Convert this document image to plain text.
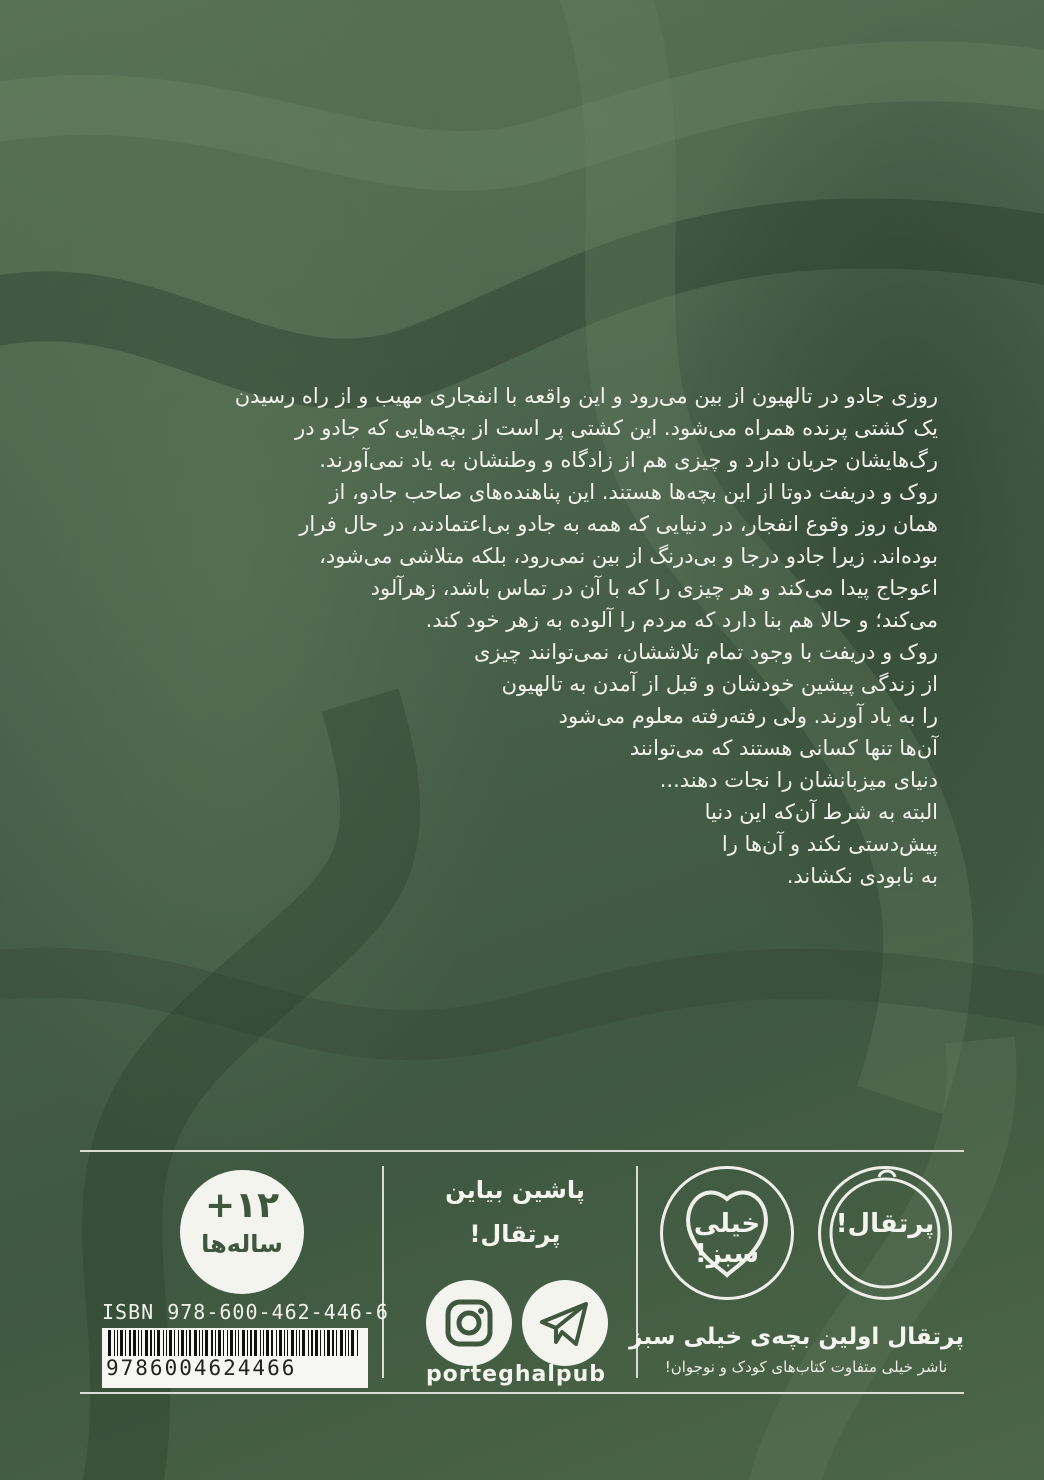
روزی جادو در تالهیون از بین می‌رود و این واقعه با انفجاری مهیب و از راه رسیدن
یک کشتی پرنده همراه می‌شود. این کشتی پر است از بچه‌هایی که جادو در
رگ‌هایشان جریان دارد و چیزی هم از زادگاه و وطنشان به یاد نمی‌آورند.
روک و دریفت دوتا از این بچه‌ها هستند. این پناهنده‌های صاحب جادو، از
همان روز وقوع انفجار، در دنیایی که همه به جادو بی‌اعتمادند، در حال فرار
بوده‌اند. زیرا جادو درجا و بی‌درنگ از بین نمی‌رود، بلکه متلاشی می‌شود،
اعوجاج پیدا می‌کند و هر چیزی را که با آن در تماس باشد، زهرآلود
می‌کند؛ و حالا هم بنا دارد که مردم را آلوده به زهر خود کند.
روک و دریفت با وجود تمام تلاششان، نمی‌توانند چیزی
از زندگی پیشین خودشان و قبل از آمدن به تالهیون
را به یاد آورند. ولی رفته‌رفته معلوم می‌شود
آن‌ها تنها کسانی هستند که می‌توانند
دنیای میزبانشان را نجات دهند...
البته به شرط آن‌که این دنیا
پیش‌دستی نکند و آن‌ها را
به نابودی نکشاند.
+۱۲
ساله‌ها
ISBN 978-600-462-446-6
9786004624466
پاشین بیاین
پرتقال!
porteghalpub
خیلی سبز!
پرتقال!
پرتقال اولین بچه‌ی خیلی سبز
ناشر خیلی متفاوت کتاب‌های کودک و نوجوان!
